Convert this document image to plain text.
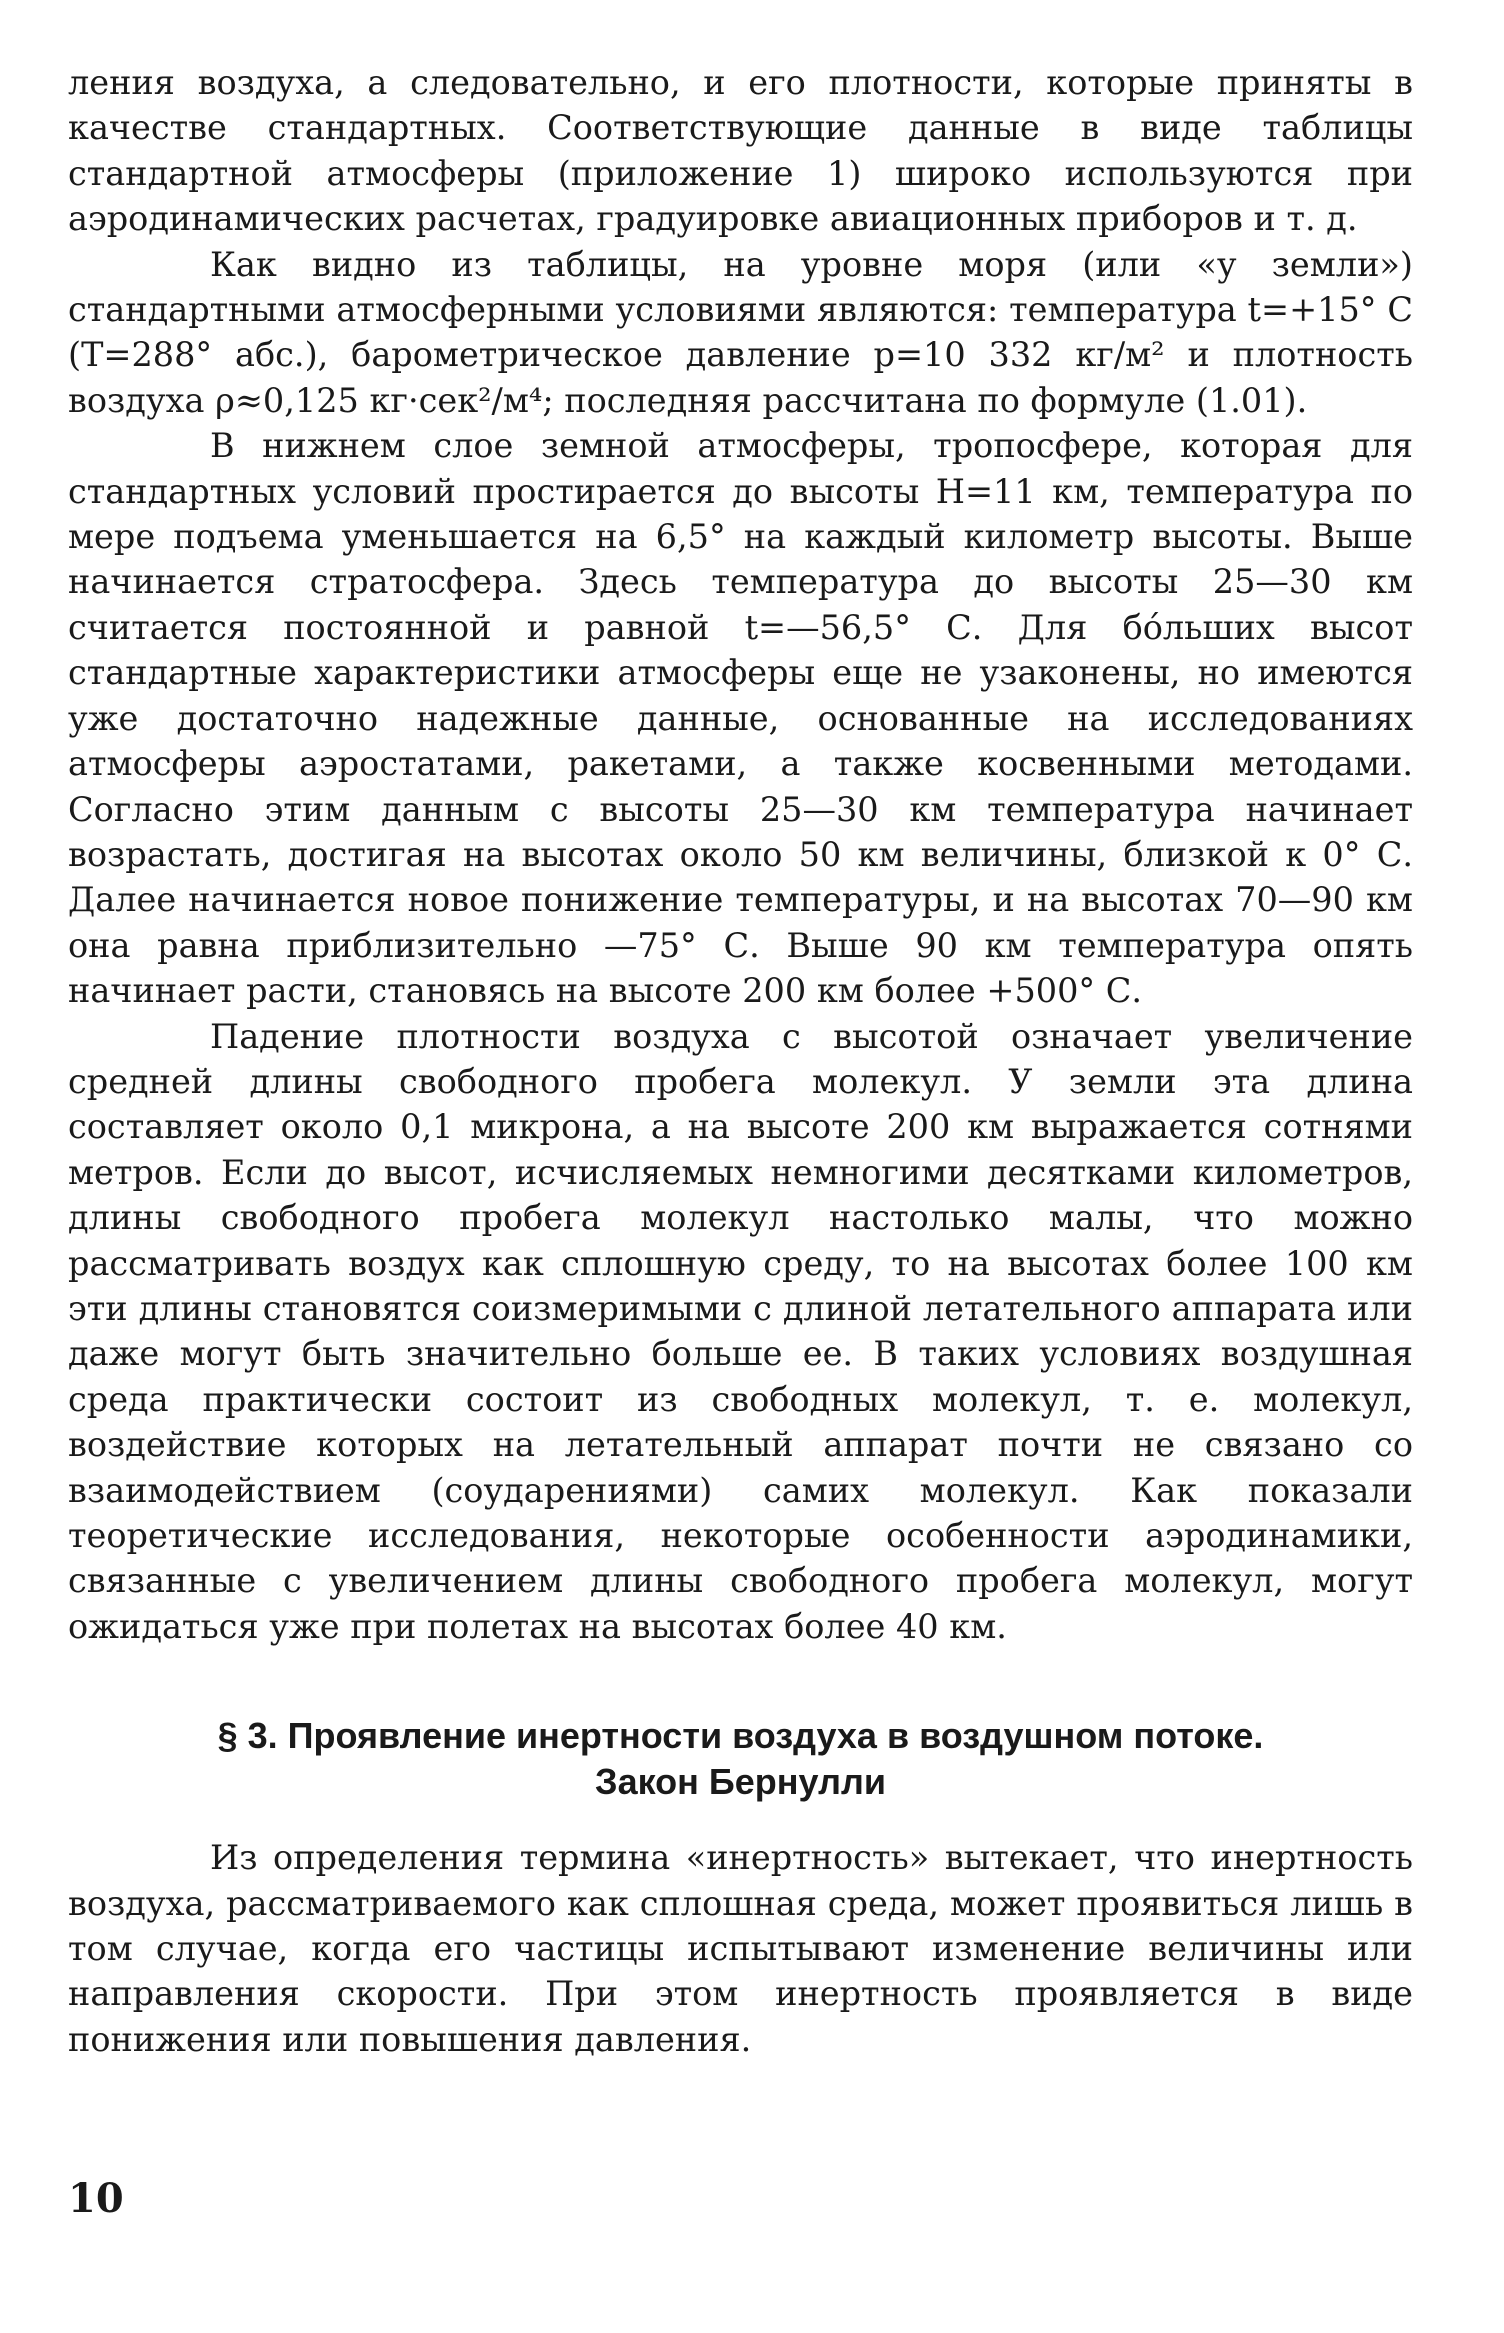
ления воздуха, а следовательно, и его плотности, которые приняты в качестве стандартных. Соответствующие данные в виде таблицы стандартной атмосферы (приложение 1) широко используются при аэродинамических расчетах, градуировке авиационных приборов и т. д.

Как видно из таблицы, на уровне моря (или «у земли») стандартными атмосферными условиями являются: температура t=+15° С (T=288° абс.), барометрическое давление p=10 332 кг/м² и плотность воздуха ρ≈0,125 кг·сек²/м⁴; последняя рассчитана по формуле (1.01).

В нижнем слое земной атмосферы, тропосфере, которая для стандартных условий простирается до высоты H=11 км, температура по мере подъема уменьшается на 6,5° на каждый километр высоты. Выше начинается стратосфера. Здесь температура до высоты 25—30 км считается постоянной и равной t=—56,5° С. Для бóльших высот стандартные характеристики атмосферы еще не узаконены, но имеются уже достаточно надежные данные, основанные на исследованиях атмосферы аэростатами, ракетами, а также косвенными методами. Согласно этим данным с высоты 25—30 км температура начинает возрастать, достигая на высотах около 50 км величины, близкой к 0° С. Далее начинается новое понижение температуры, и на высотах 70—90 км она равна приблизительно —75° С. Выше 90 км температура опять начинает расти, становясь на высоте 200 км более +500° С.

Падение плотности воздуха с высотой означает увеличение средней длины свободного пробега молекул. У земли эта длина составляет около 0,1 микрона, а на высоте 200 км выражается сотнями метров. Если до высот, исчисляемых немногими десятками километров, длины свободного пробега молекул настолько малы, что можно рассматривать воздух как сплошную среду, то на высотах более 100 км эти длины становятся соизмеримыми с длиной летательного аппарата или даже могут быть значительно больше ее. В таких условиях воздушная среда практически состоит из свободных молекул, т. е. молекул, воздействие которых на летательный аппарат почти не связано со взаимодействием (соударениями) самих молекул. Как показали теоретические исследования, некоторые особенности аэродинамики, связанные с увеличением длины свободного пробега молекул, могут ожидаться уже при полетах на высотах более 40 км.

§ 3. Проявление инертности воздуха в воздушном потоке.
Закон Бернулли

Из определения термина «инертность» вытекает, что инертность воздуха, рассматриваемого как сплошная среда, может проявиться лишь в том случае, когда его частицы испытывают изменение величины или направления скорости. При этом инертность проявляется в виде понижения или повышения давления.

10
